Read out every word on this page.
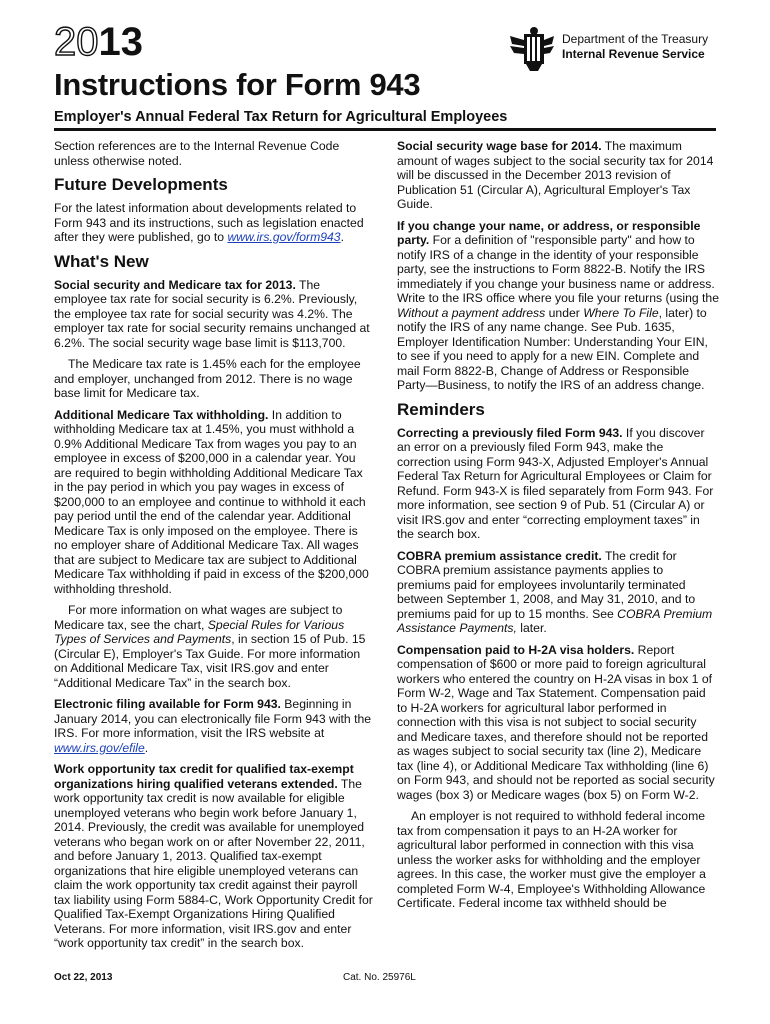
2013	Department of the Treasury
Internal Revenue Service
Instructions for Form 943
Employer's Annual Federal Tax Return for Agricultural Employees

Section references are to the Internal Revenue Code unless otherwise noted.

Future Developments

For the latest information about developments related to Form 943 and its instructions, such as legislation enacted after they were published, go to www.irs.gov/form943.

What's New

Social security and Medicare tax for 2013. The employee tax rate for social security is 6.2%. Previously, the employee tax rate for social security was 4.2%. The employer tax rate for social security remains unchanged at 6.2%. The social security wage base limit is $113,700.

The Medicare tax rate is 1.45% each for the employee and employer, unchanged from 2012. There is no wage base limit for Medicare tax.

Additional Medicare Tax withholding. In addition to withholding Medicare tax at 1.45%, you must withhold a 0.9% Additional Medicare Tax from wages you pay to an employee in excess of $200,000 in a calendar year. You are required to begin withholding Additional Medicare Tax in the pay period in which you pay wages in excess of $200,000 to an employee and continue to withhold it each pay period until the end of the calendar year. Additional Medicare Tax is only imposed on the employee. There is no employer share of Additional Medicare Tax. All wages that are subject to Medicare tax are subject to Additional Medicare Tax withholding if paid in excess of the $200,000 withholding threshold.

For more information on what wages are subject to Medicare tax, see the chart, Special Rules for Various Types of Services and Payments, in section 15 of Pub. 15 (Circular E), Employer's Tax Guide. For more information on Additional Medicare Tax, visit IRS.gov and enter “Additional Medicare Tax” in the search box.

Electronic filing available for Form 943. Beginning in January 2014, you can electronically file Form 943 with the IRS. For more information, visit the IRS website at www.irs.gov/efile.

Work opportunity tax credit for qualified tax-exempt organizations hiring qualified veterans extended. The work opportunity tax credit is now available for eligible unemployed veterans who begin work before January 1, 2014. Previously, the credit was available for unemployed veterans who began work on or after November 22, 2011, and before January 1, 2013. Qualified tax-exempt organizations that hire eligible unemployed veterans can claim the work opportunity tax credit against their payroll tax liability using Form 5884-C, Work Opportunity Credit for Qualified Tax-Exempt Organizations Hiring Qualified Veterans. For more information, visit IRS.gov and enter “work opportunity tax credit” in the search box.

Social security wage base for 2014. The maximum amount of wages subject to the social security tax for 2014 will be discussed in the December 2013 revision of Publication 51 (Circular A), Agricultural Employer's Tax Guide.

If you change your name, or address, or responsible party. For a definition of "responsible party" and how to notify IRS of a change in the identity of your responsible party, see the instructions to Form 8822-B. Notify the IRS immediately if you change your business name or address. Write to the IRS office where you file your returns (using the Without a payment address under Where To File, later) to notify the IRS of any name change. See Pub. 1635, Employer Identification Number: Understanding Your EIN, to see if you need to apply for a new EIN. Complete and mail Form 8822-B, Change of Address or Responsible Party—Business, to notify the IRS of an address change.

Reminders

Correcting a previously filed Form 943. If you discover an error on a previously filed Form 943, make the correction using Form 943-X, Adjusted Employer's Annual Federal Tax Return for Agricultural Employees or Claim for Refund. Form 943-X is filed separately from Form 943. For more information, see section 9 of Pub. 51 (Circular A) or visit IRS.gov and enter “correcting employment taxes” in the search box.

COBRA premium assistance credit. The credit for COBRA premium assistance payments applies to premiums paid for employees involuntarily terminated between September 1, 2008, and May 31, 2010, and to premiums paid for up to 15 months. See COBRA Premium Assistance Payments, later.

Compensation paid to H-2A visa holders. Report compensation of $600 or more paid to foreign agricultural workers who entered the country on H-2A visas in box 1 of Form W-2, Wage and Tax Statement. Compensation paid to H-2A workers for agricultural labor performed in connection with this visa is not subject to social security and Medicare taxes, and therefore should not be reported as wages subject to social security tax (line 2), Medicare tax (line 4), or Additional Medicare Tax withholding (line 6) on Form 943, and should not be reported as social security wages (box 3) or Medicare wages (box 5) on Form W-2.

An employer is not required to withhold federal income tax from compensation it pays to an H-2A worker for agricultural labor performed in connection with this visa unless the worker asks for withholding and the employer agrees. In this case, the worker must give the employer a completed Form W-4, Employee's Withholding Allowance Certificate. Federal income tax withheld should be

Oct 22, 2013	Cat. No. 25976L
